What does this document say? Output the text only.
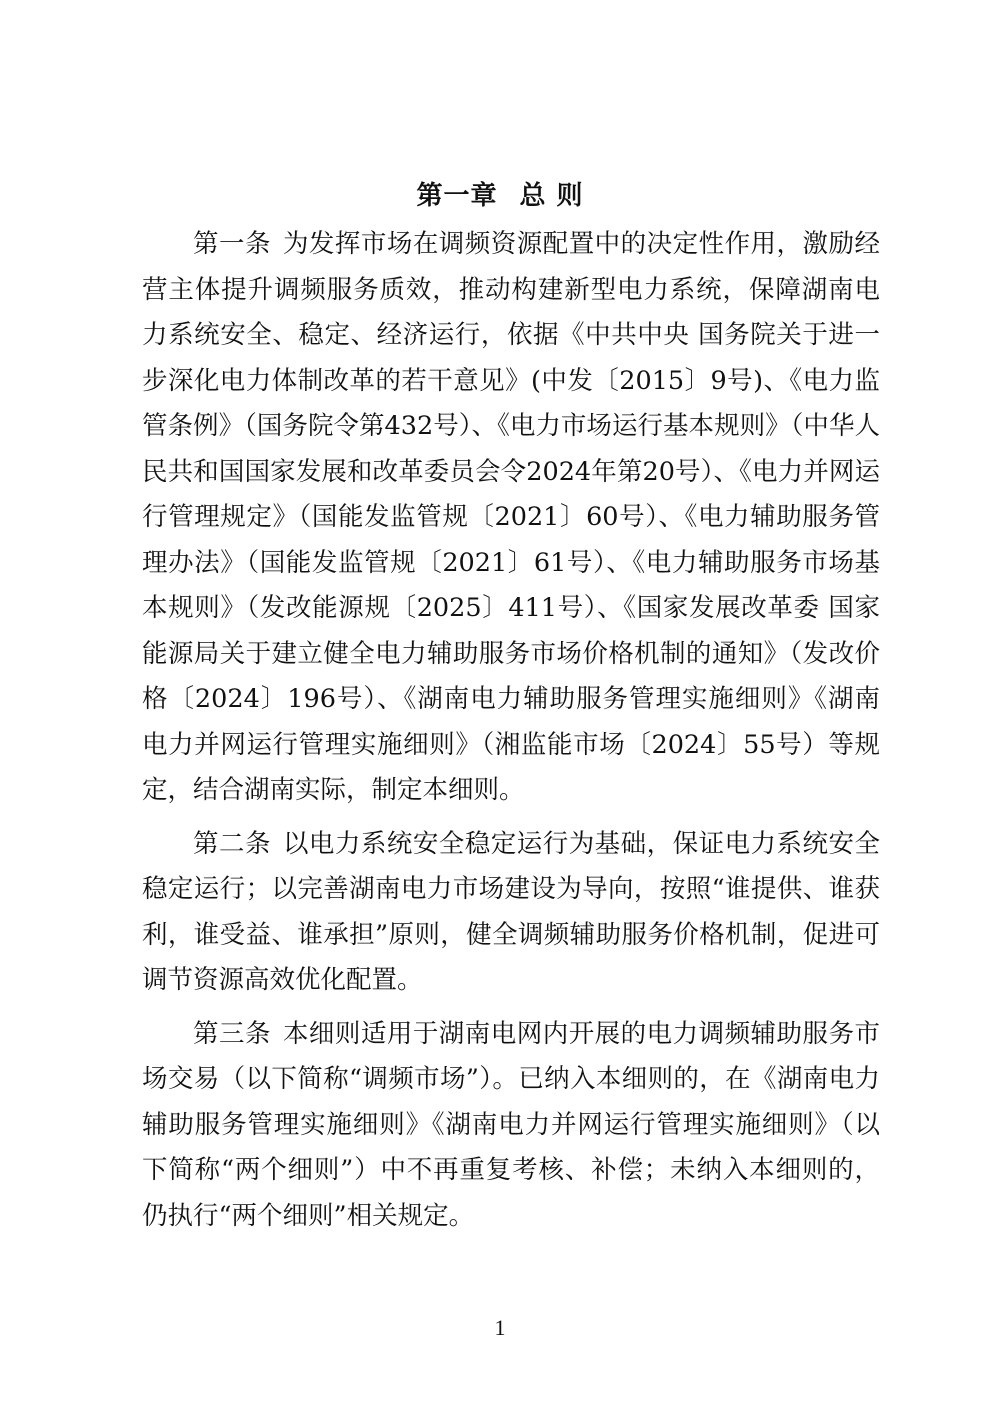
第一章 总 则

第一条 为发挥市场在调频资源配置中的决定性作用，激励经营主体提升调频服务质效，推动构建新型电力系统，保障湖南电力系统安全、稳定、经济运行，依据《中共中央 国务院关于进一步深化电力体制改革的若干意见》(中发〔2015〕9号)、《电力监管条例》（国务院令第432号）、《电力市场运行基本规则》（中华人民共和国国家发展和改革委员会令2024年第20号）、《电力并网运行管理规定》（国能发监管规〔2021〕60号）、《电力辅助服务管理办法》（国能发监管规〔2021〕61号）、《电力辅助服务市场基本规则》（发改能源规〔2025〕411号）、《国家发展改革委 国家能源局关于建立健全电力辅助服务市场价格机制的通知》（发改价格〔2024〕196号）、《湖南电力辅助服务管理实施细则》《湖南电力并网运行管理实施细则》（湘监能市场〔2024〕55号）等规定，结合湖南实际，制定本细则。

第二条 以电力系统安全稳定运行为基础，保证电力系统安全稳定运行；以完善湖南电力市场建设为导向，按照“谁提供、谁获利，谁受益、谁承担”原则，健全调频辅助服务价格机制，促进可调节资源高效优化配置。

第三条 本细则适用于湖南电网内开展的电力调频辅助服务市场交易（以下简称“调频市场”）。已纳入本细则的，在《湖南电力辅助服务管理实施细则》《湖南电力并网运行管理实施细则》（以下简称“两个细则”）中不再重复考核、补偿；未纳入本细则的，仍执行“两个细则”相关规定。

1
